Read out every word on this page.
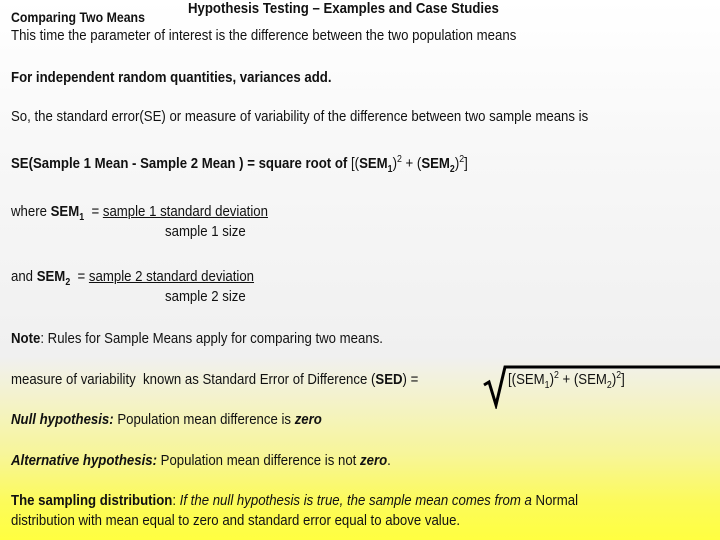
Comparing Two Means	Hypothesis Testing – Examples and Case Studies
This time the parameter of interest is the difference between the two population means
For independent random quantities, variances add.
So, the standard error(SE) or measure of variability of the difference between two sample means is
SE(Sample 1 Mean - Sample 2 Mean ) = square root of $[(SEM_1)^2 + (SEM_2)^2]$
where $SEM_1$  = sample 1 standard deviation
sample 1 size
and $SEM_2$  = sample 2 standard deviation
sample 2 size
Note: Rules for Sample Means apply for comparing two means.
measure of variability  known as Standard Error of Difference (SED) =	$[(SEM_1)^2 + (SEM_2)^2]$
Null hypothesis: Population mean difference is zero
Alternative hypothesis: Population mean difference is not zero.
The sampling distribution: If the null hypothesis is true, the sample mean comes from a Normal
distribution with mean equal to zero and standard error equal to above value.
